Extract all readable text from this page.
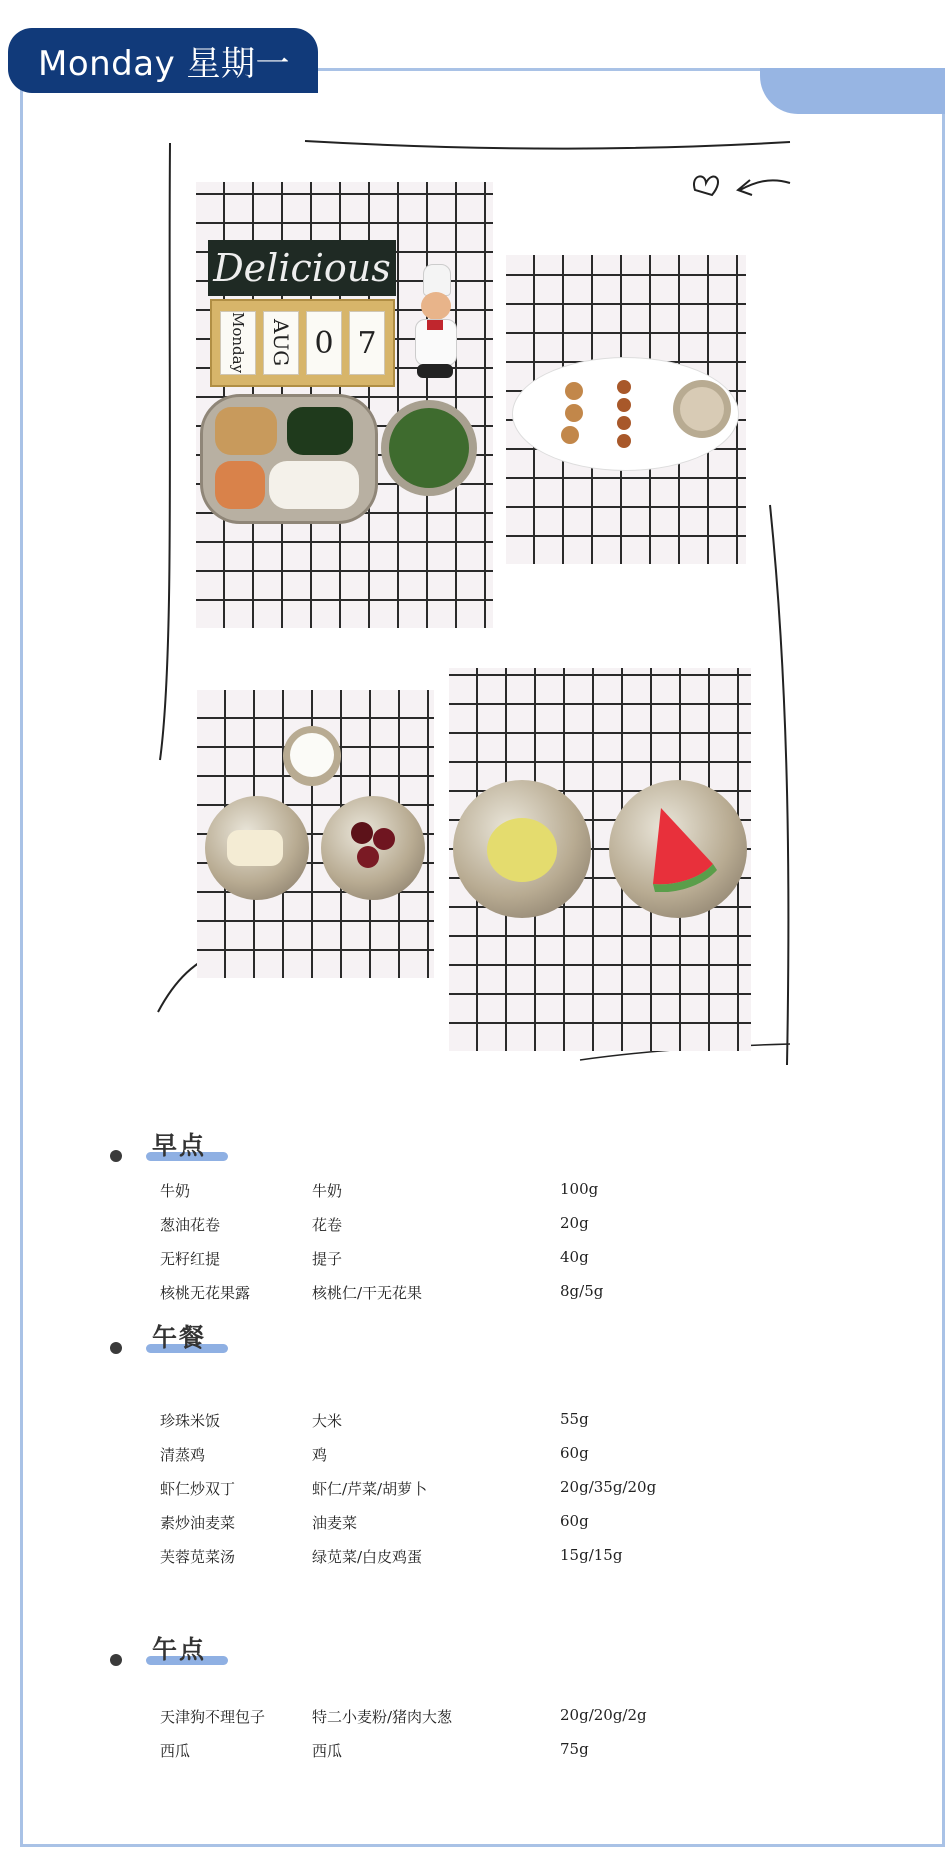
Monday 星期一
Delicious
Monday	AUG 0 7
早点
牛奶	牛奶	100g
葱油花卷	花卷	20g
无籽红提	提子	40g
核桃无花果露	核桃仁/干无花果	8g/5g
午餐
珍珠米饭	大米	55g
清蒸鸡	鸡	60g
虾仁炒双丁	虾仁/芹菜/胡萝卜	20g/35g/20g
素炒油麦菜	油麦菜	60g
芙蓉苋菜汤	绿苋菜/白皮鸡蛋	15g/15g
午点
天津狗不理包子	特二小麦粉/猪肉大葱	20g/20g/2g
西瓜	西瓜	75g
